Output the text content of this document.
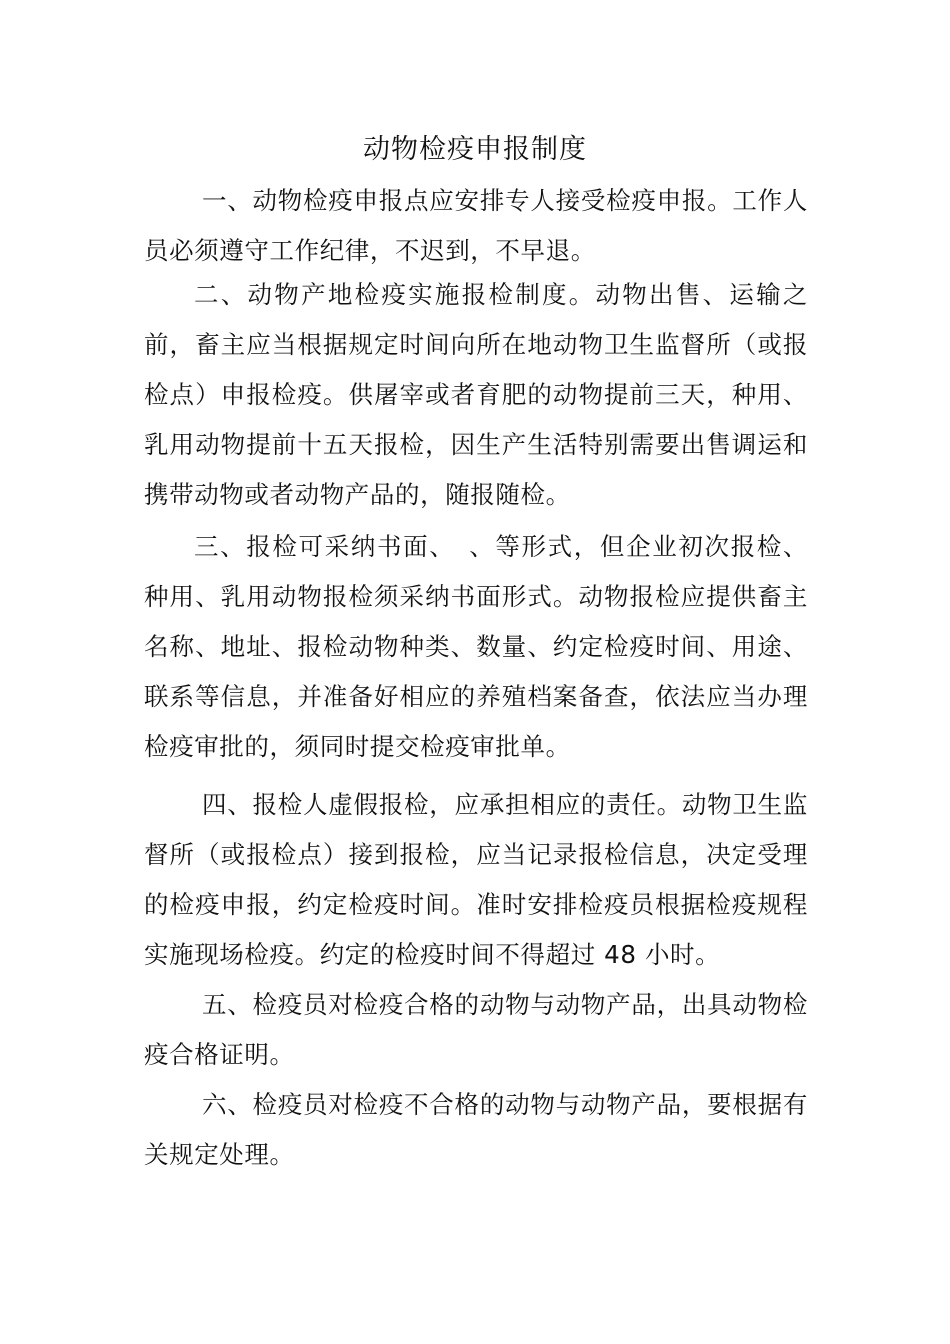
动物检疫申报制度

一、动物检疫申报点应安排专人接受检疫申报。工作人员必须遵守工作纪律，不迟到，不早退。

二、动物产地检疫实施报检制度。动物出售、运输之前，畜主应当根据规定时间向所在地动物卫生监督所（或报检点）申报检疫。供屠宰或者育肥的动物提前三天，种用、乳用动物提前十五天报检，因生产生活特别需要出售调运和携带动物或者动物产品的，随报随检。

三、报检可采纳书面、　、等形式，但企业初次报检、种用、乳用动物报检须采纳书面形式。动物报检应提供畜主名称、地址、报检动物种类、数量、约定检疫时间、用途、联系等信息，并准备好相应的养殖档案备查，依法应当办理检疫审批的，须同时提交检疫审批单。

四、报检人虚假报检，应承担相应的责任。动物卫生监督所（或报检点）接到报检，应当记录报检信息，决定受理的检疫申报，约定检疫时间。准时安排检疫员根据检疫规程实施现场检疫。约定的检疫时间不得超过 48 小时。

五、检疫员对检疫合格的动物与动物产品，出具动物检疫合格证明。

六、检疫员对检疫不合格的动物与动物产品，要根据有关规定处理。
